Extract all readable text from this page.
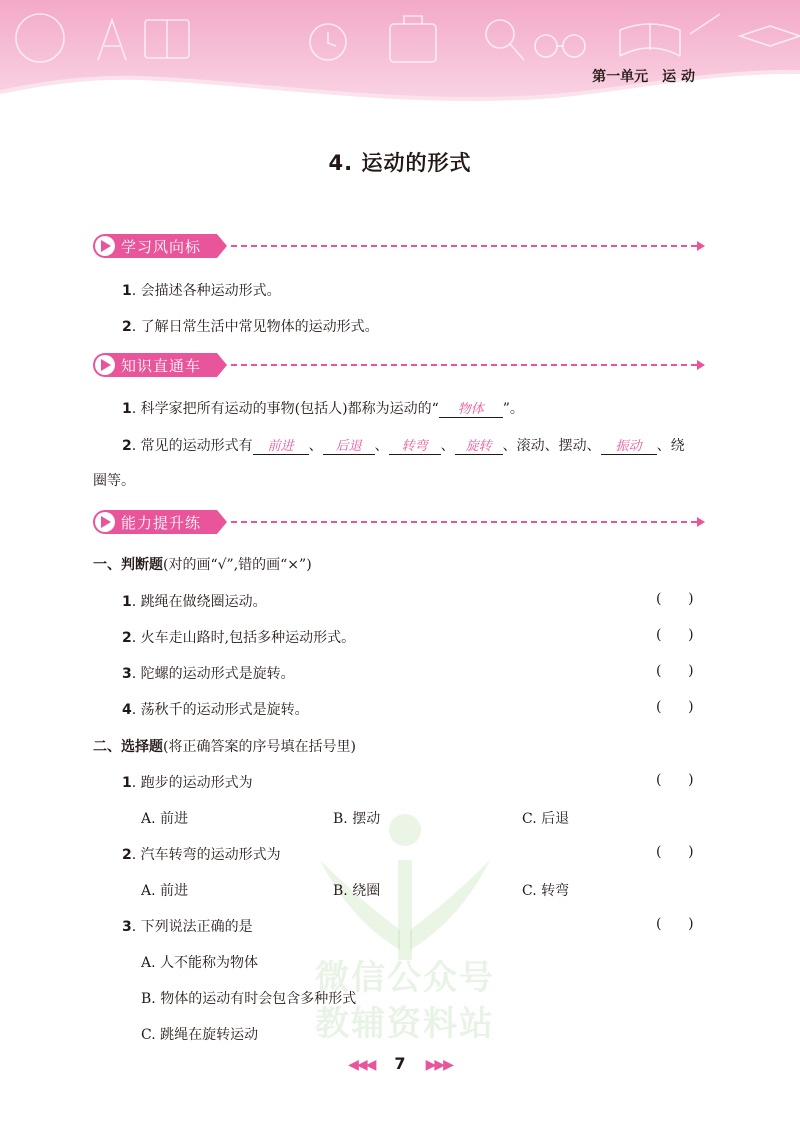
第一单元　运 动
4. 运动的形式
学习风向标
1. 会描述各种运动形式。
2. 了解日常生活中常见物体的运动形式。
知识直通车
1. 科学家把所有运动的事物(包括人)都称为运动的“ 物体 ”。
2. 常见的运动形式有 前进 、 后退 、 转弯 、 旋转 、滚动、摆动、 振动 、绕
圈等。
能力提升练
微信公众号
教辅资料站
一、判断题(对的画“√”,错的画“×”)
1. 跳绳在做绕圈运动。	(      )
2. 火车走山路时,包括多种运动形式。	(      )
3. 陀螺的运动形式是旋转。	(      )
4. 荡秋千的运动形式是旋转。	(      )
二、选择题(将正确答案的序号填在括号里)
1. 跑步的运动形式为	(      )
A. 前进	B. 摆动	C. 后退
2. 汽车转弯的运动形式为	(      )
A. 前进	B. 绕圈	C. 转弯
3. 下列说法正确的是	(      )
A. 人不能称为物体
B. 物体的运动有时会包含多种形式
C. 跳绳在旋转运动
◀◀◀ 7 ▶▶▶
